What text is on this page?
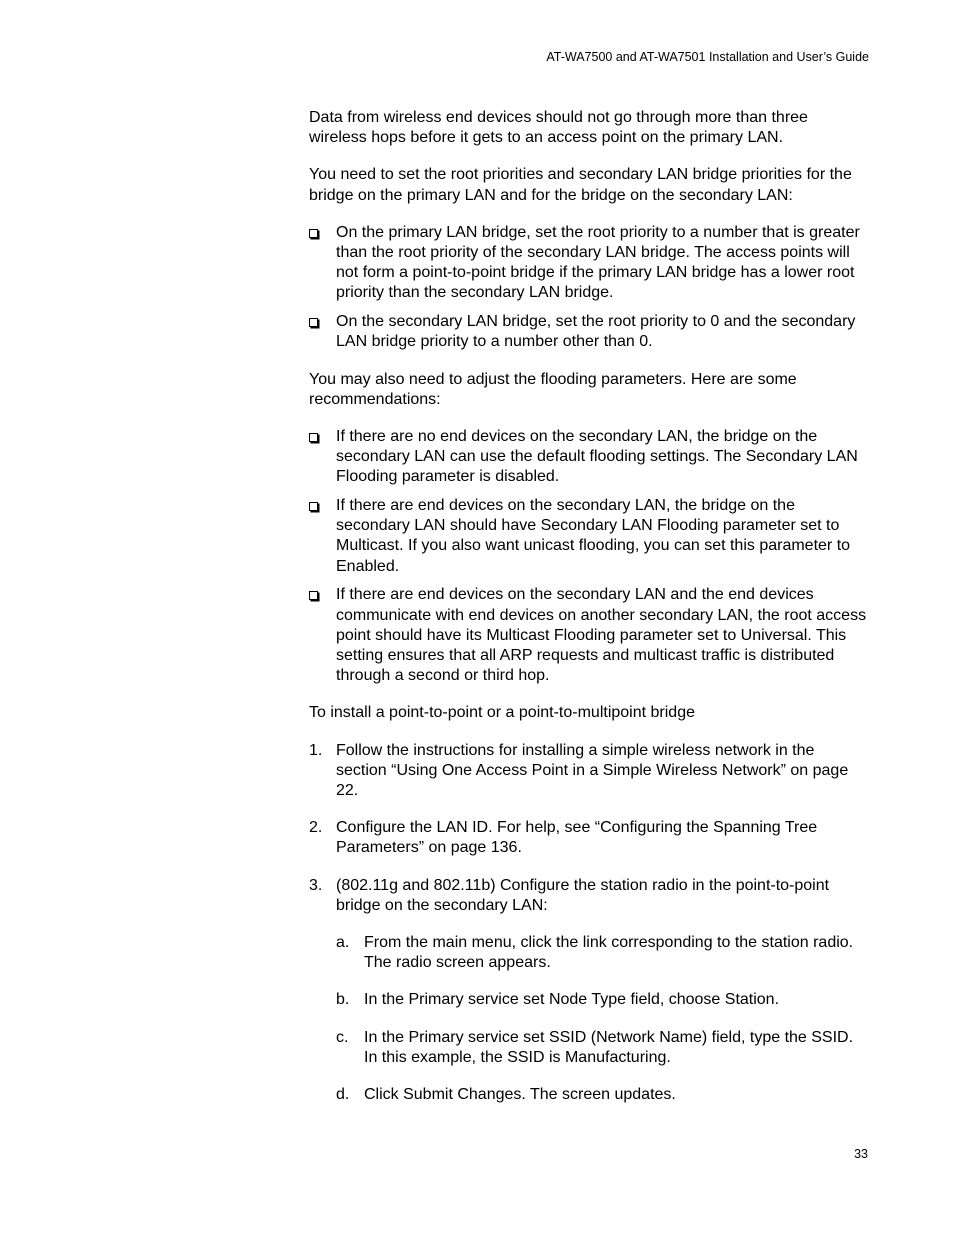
AT-WA7500 and AT-WA7501 Installation and User’s Guide

Data from wireless end devices should not go through more than three wireless hops before it gets to an access point on the primary LAN.

You need to set the root priorities and secondary LAN bridge priorities for the bridge on the primary LAN and for the bridge on the secondary LAN:

On the primary LAN bridge, set the root priority to a number that is greater than the root priority of the secondary LAN bridge. The access points will not form a point-to-point bridge if the primary LAN bridge has a lower root priority than the secondary LAN bridge.
On the secondary LAN bridge, set the root priority to 0 and the secondary LAN bridge priority to a number other than 0.

You may also need to adjust the flooding parameters. Here are some recommendations:

If there are no end devices on the secondary LAN, the bridge on the secondary LAN can use the default flooding settings. The Secondary LAN Flooding parameter is disabled.
If there are end devices on the secondary LAN, the bridge on the secondary LAN should have Secondary LAN Flooding parameter set to Multicast. If you also want unicast flooding, you can set this parameter to Enabled.
If there are end devices on the secondary LAN and the end devices communicate with end devices on another secondary LAN, the root access point should have its Multicast Flooding parameter set to Universal. This setting ensures that all ARP requests and multicast traffic is distributed through a second or third hop.

To install a point-to-point or a point-to-multipoint bridge

1. Follow the instructions for installing a simple wireless network in the section “Using One Access Point in a Simple Wireless Network” on page 22.
2. Configure the LAN ID. For help, see “Configuring the Spanning Tree Parameters” on page 136.
3. (802.11g and 802.11b) Configure the station radio in the point-to-point bridge on the secondary LAN:
a. From the main menu, click the link corresponding to the station radio. The radio screen appears.
b. In the Primary service set Node Type field, choose Station.
c. In the Primary service set SSID (Network Name) field, type the SSID. In this example, the SSID is Manufacturing.
d. Click Submit Changes. The screen updates.
33
